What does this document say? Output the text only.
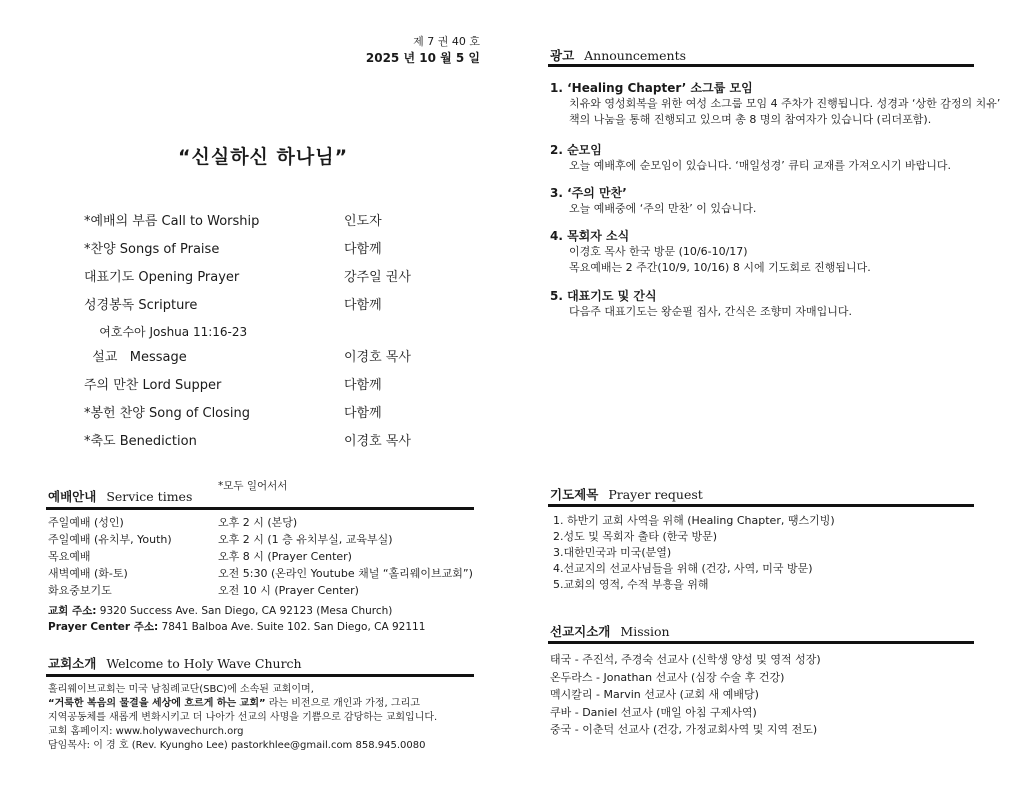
제 7 권 40 호
2025 년 10 월 5 일
“신실하신 하나님”
*예배의 부름 Call to Worship	인도자
*찬양 Songs of Praise	다함께
대표기도 Opening Prayer	강주일 권사
성경봉독 Scripture	다함께
여호수아 Joshua 11:16-23
설교   Message	이경호 목사
주의 만찬 Lord Supper	다함께
*봉헌 찬양 Song of Closing	다함께
*축도 Benediction	이경호 목사
*모두 일어서서
예배안내 Service times
주일예배 (성인)	오후 2 시 (본당)
주일예배 (유치부, Youth)	오후 2 시 (1 층 유치부실, 교육부실)
목요예배	오후 8 시 (Prayer Center)
새벽예배 (화-토)	오전 5:30 (온라인 Youtube 채널 “홀리웨이브교회”)
화요중보기도	오전 10 시 (Prayer Center)
교회 주소: 9320 Success Ave. San Diego, CA 92123 (Mesa Church)
Prayer Center 주소: 7841 Balboa Ave. Suite 102. San Diego, CA 92111
교회소개 Welcome to Holy Wave Church
홀리웨이브교회는 미국 남침례교단(SBC)에 소속된 교회이며,
“거룩한 복음의 물결을 세상에 흐르게 하는 교회” 라는 비전으로 개인과 가정, 그리고
지역공동체를 새롭게 변화시키고 더 나아가 선교의 사명을 기쁨으로 감당하는 교회입니다.
교회 홈페이지: www.holywavechurch.org
담임목사: 이 경 호 (Rev. Kyungho Lee) pastorkhlee@gmail.com 858.945.0080
광고 Announcements
1. ‘Healing Chapter’ 소그룹 모임
치유와 영성회복을 위한 여성 소그룹 모임 4 주차가 진행됩니다. 성경과 ‘상한 감정의 치유’ 책의 나눔을 통해 진행되고 있으며 총 8 명의 참여자가 있습니다 (리더포함).
2. 순모임
오늘 예배후에 순모임이 있습니다. ‘매일성경’ 큐티 교재를 가져오시기 바랍니다.
3. ‘주의 만찬’
오늘 예배중에 ‘주의 만찬’ 이 있습니다.
4. 목회자 소식
이경호 목사 한국 방문 (10/6-10/17)
목요예배는 2 주간(10/9, 10/16) 8 시에 기도회로 진행됩니다.
5. 대표기도 및 간식
다음주 대표기도는 왕순필 집사, 간식은 조향미 자매입니다.
기도제목 Prayer request
1. 하반기 교회 사역을 위해 (Healing Chapter, 땡스기빙)
2.성도 및 목회자 출타 (한국 방문)
3.대한민국과 미국(분열)
4.선교지의 선교사님들을 위해 (건강, 사역, 미국 방문)
5.교회의 영적, 수적 부흥을 위해
선교지소개 Mission
태국 - 주진석, 주경숙 선교사 (신학생 양성 및 영적 성장)
온두라스 - Jonathan 선교사 (심장 수술 후 건강)
멕시칼리 - Marvin 선교사 (교회 새 예배당)
쿠바 - Daniel 선교사 (매일 아침 구제사역)
중국 - 이춘덕 선교사 (건강, 가정교회사역 및 지역 전도)
